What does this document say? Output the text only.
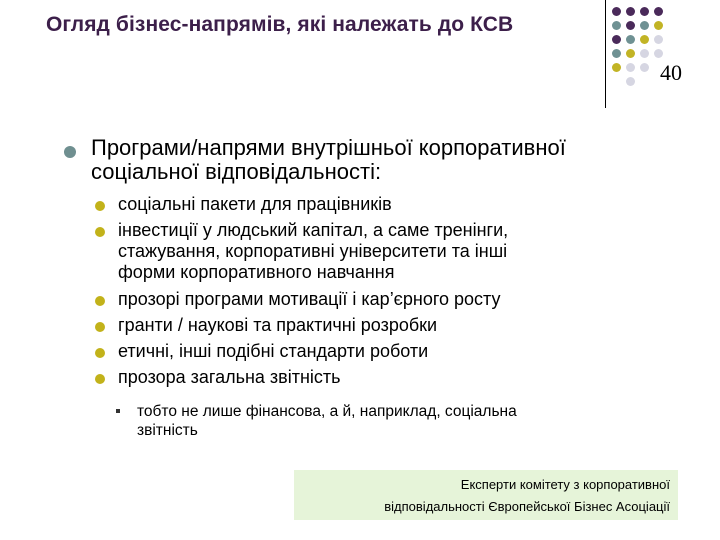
Огляд бізнес-напрямів, які належать до КСВ
40
Програми/напрями внутрішньої корпоративної
соціальної відповідальності:
соціальні пакети для працівників
інвестиції у людський капітал, а саме тренінги,
стажування, корпоративні університети та інші
форми корпоративного навчання
прозорі програми мотивації і кар’єрного росту
гранти / наукові та практичні розробки
етичні, інші подібні стандарти роботи
прозора загальна звітність
тобто не лише фінансова, а й, наприклад, соціальна
звітність
Експерти комітету з корпоративної
відповідальності Європейської Бізнес Асоціації
